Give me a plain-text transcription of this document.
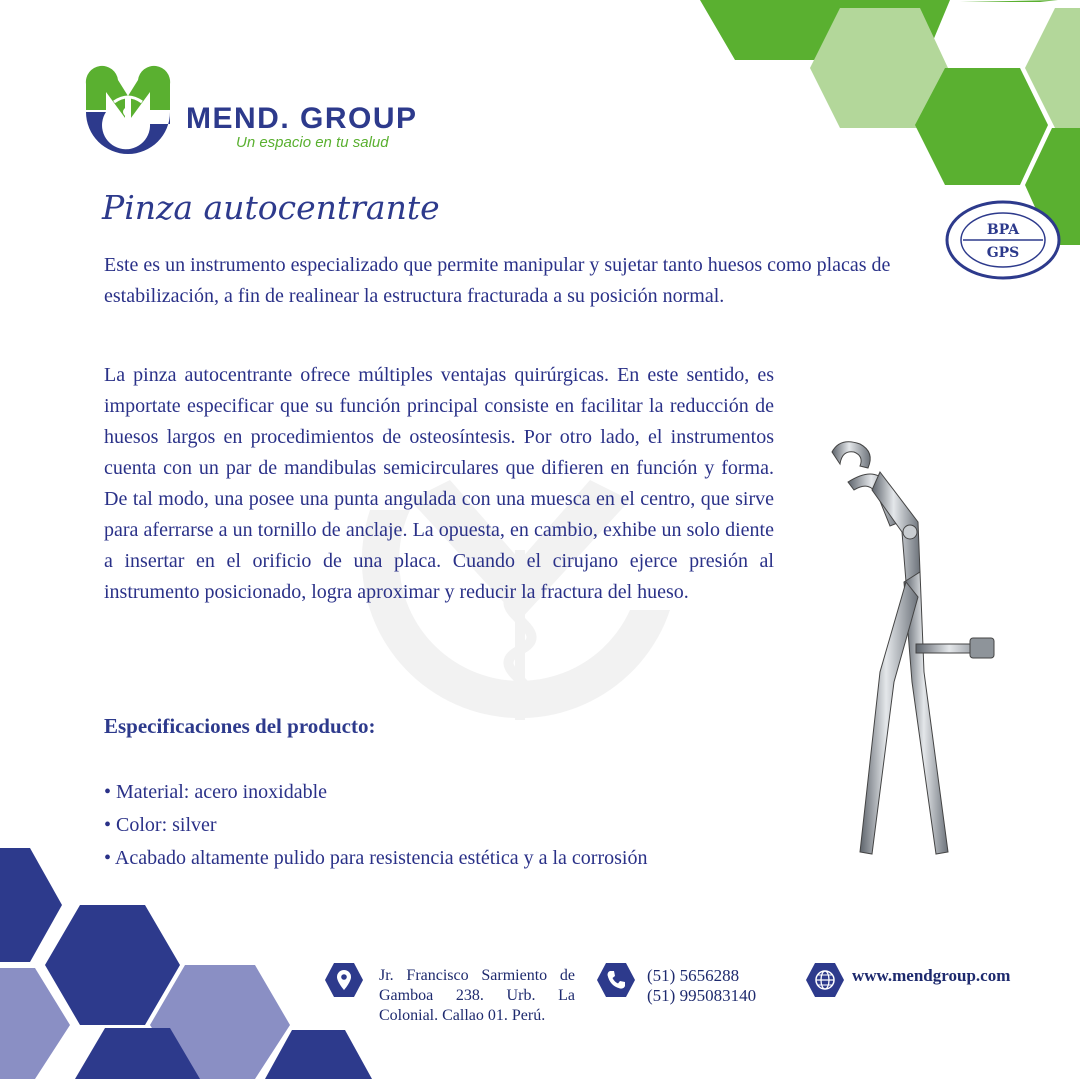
MEND. GROUP
Un espacio en tu salud
Pinza autocentrante

Este es un instrumento especializado que permite manipular y sujetar tanto huesos como placas de estabilización, a fin de realinear la estructura fracturada a su posición normal.

La pinza autocentrante ofrece múltiples ventajas quirúrgicas. En este sentido, es importate especificar que su función principal consiste en facilitar la reducción de huesos largos en procedimientos de osteosíntesis. Por otro lado, el instrumentos cuenta con un par de mandibulas semicirculares que difieren en función y forma. De tal modo, una posee una punta angulada con una muesca en el centro, que sirve para aferrarse a un tornillo de anclaje. La opuesta, en cambio, exhibe un solo diente a insertar en el orificio de una placa. Cuando el cirujano ejerce presión al instrumento posicionado, logra aproximar y reducir la fractura del hueso.

Especificaciones del producto:
• Material: acero inoxidable
• Color: silver
• Acabado altamente pulido para resistencia estética y a la corrosión
BPA
GPS
Jr. Francisco Sarmiento de Gamboa 238. Urb. La Colonial. Callao 01. Perú.
(51) 5656288
(51) 995083140
www.mendgroup.com
